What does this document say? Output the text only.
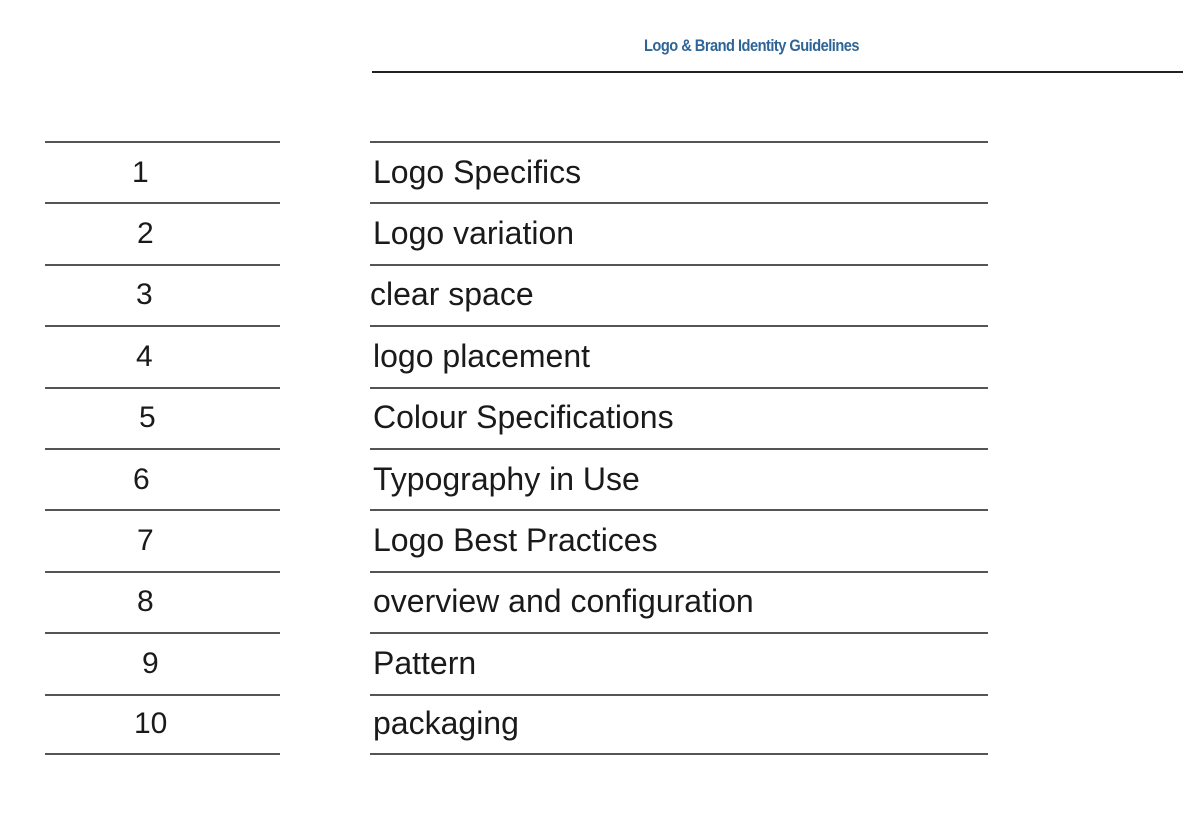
Logo & Brand Identity Guidelines
1	Logo Specifics
2	Logo variation
3	clear space
4	logo placement
5	Colour Specifications
6	Typography in Use
7	Logo Best Practices
8	overview and configuration
9	Pattern
10	packaging
